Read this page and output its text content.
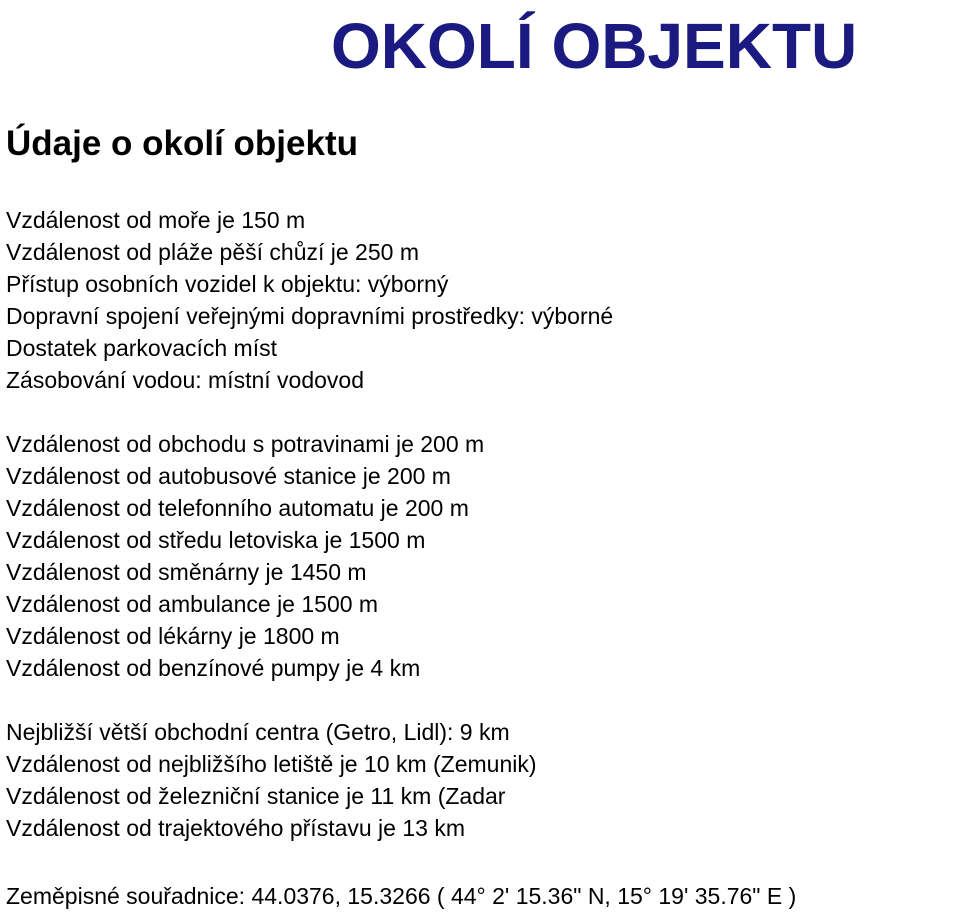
OKOLÍ OBJEKTU
Údaje o okolí objektu
Vzdálenost od moře je 150 m
Vzdálenost od pláže pěší chůzí je 250 m
Přístup osobních vozidel k objektu: výborný
Dopravní spojení veřejnými dopravními prostředky: výborné
Dostatek parkovacích míst
Zásobování vodou: místní vodovod
Vzdálenost od obchodu s potravinami je 200 m
Vzdálenost od autobusové stanice je 200 m
Vzdálenost od telefonního automatu je 200 m
Vzdálenost od středu letoviska je 1500 m
Vzdálenost od směnárny je 1450 m
Vzdálenost od ambulance je 1500 m
Vzdálenost od lékárny je 1800 m
Vzdálenost od benzínové pumpy je 4 km
Nejbližší větší obchodní centra (Getro, Lidl): 9 km
Vzdálenost od nejbližšího letiště je 10 km (Zemunik)
Vzdálenost od železniční stanice je 11 km (Zadar
Vzdálenost od trajektového přístavu je 13 km

Zeměpisné souřadnice: 44.0376, 15.3266 ( 44° 2' 15.36" N, 15° 19' 35.76" E )
